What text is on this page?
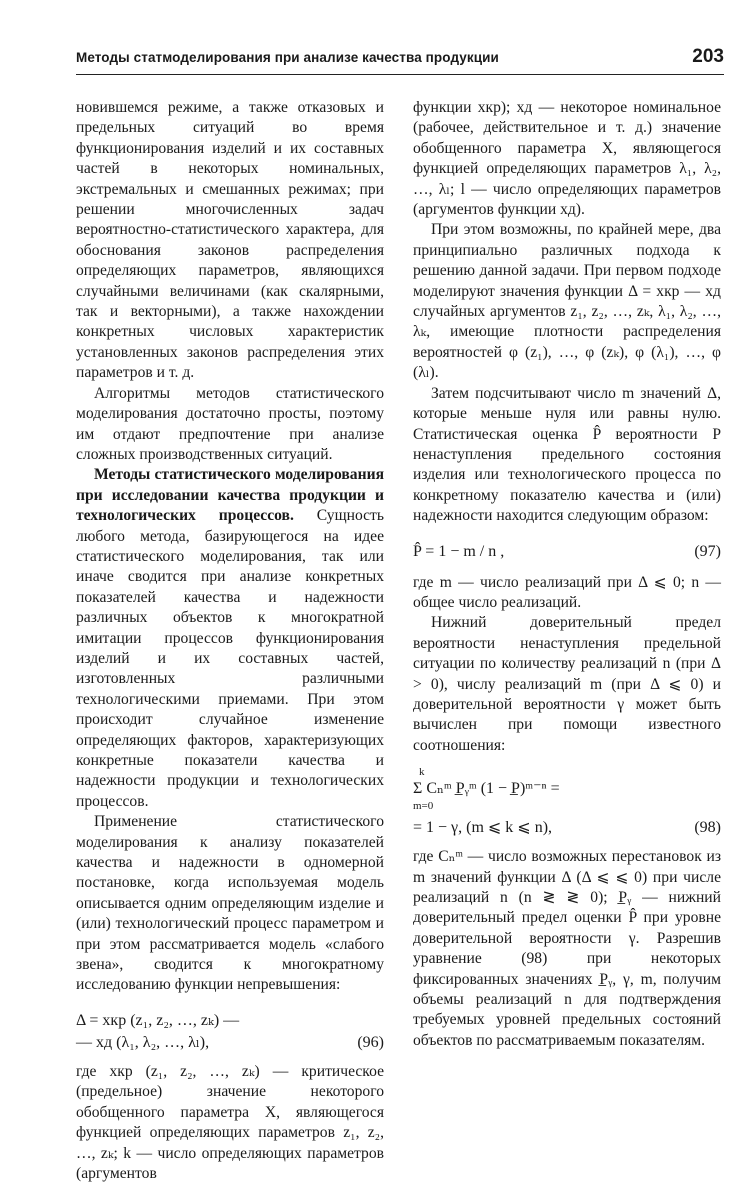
Методы статмоделирования при анализе качества продукции	203

новившемся режиме, а также отказовых и предельных ситуаций во время функционирования изделий и их составных частей в некоторых номинальных, экстремальных и смешанных режимах; при решении многочисленных задач вероятностно-статистического характера, для обоснования законов распределения определяющих параметров, являющихся случайными величинами (как скалярными, так и векторными), а также нахождении конкретных числовых характеристик установленных законов распределения этих параметров и т. д.

Алгоритмы методов статистического моделирования достаточно просты, поэтому им отдают предпочтение при анализе сложных производственных ситуаций.

Методы статистического моделирования при исследовании качества продукции и технологических процессов. Сущность любого метода, базирующегося на идее статистического моделирования, так или иначе сводится при анализе конкретных показателей качества и надежности различных объектов к многократной имитации процессов функционирования изделий и их составных частей, изготовленных различными технологическими приемами. При этом происходит случайное изменение определяющих факторов, характеризующих конкретные показатели качества и надежности продукции и технологических процессов.

Применение статистического моделирования к анализу показателей качества и надежности в одномерной постановке, когда используемая модель описывается одним определяющим изделие и (или) технологический процесс параметром и при этом рассматривается модель «слабого звена», сводится к многократному исследованию функции непревышения:

Δ = xкр (z₁, z₂, …, zₖ) —
— xд (λ₁, λ₂, …, λₗ),	(96)

где xкр (z₁, z₂, …, zₖ) — критическое (предельное) значение некоторого обобщенного параметра X, являющегося функцией определяющих параметров z₁, z₂, …, zₖ; k — число определяющих параметров (аргументов

функции xкр); xд — некоторое номинальное (рабочее, действительное и т. д.) значение обобщенного параметра X, являющегося функцией определяющих параметров λ₁, λ₂, …, λₗ; l — число определяющих параметров (аргументов функции xд).

При этом возможны, по крайней мере, два принципиально различных подхода к решению данной задачи. При первом подходе моделируют значения функции Δ = xкр — xд случайных аргументов z₁, z₂, …, zₖ, λ₁, λ₂, …, λₖ, имеющие плотности распределения вероятностей φ (z₁), …, φ (zₖ), φ (λ₁), …, φ (λₗ).

Затем подсчитывают число m значений Δ, которые меньше нуля или равны нулю. Статистическая оценка P̂ вероятности P ненаступления предельного состояния изделия или технологического процесса по конкретному показателю качества и (или) надежности находится следующим образом:

P̂ = 1 − m / n ,	(97)

где m — число реализаций при Δ ⩽ 0; n — общее число реализаций.

Нижний доверительный предел вероятности ненаступления предельной ситуации по количеству реализаций n (при Δ > 0), числу реализаций m (при Δ ⩽ 0) и доверительной вероятности γ может быть вычислен при помощи известного соотношения:

k
Σ Cₙᵐ P̲ᵧᵐ (1 − P̲)ᵐ⁻ⁿ =
m=0
= 1 − γ, (m ⩽ k ⩽ n),	(98)

где Cₙᵐ — число возможных перестановок из m значений функции Δ (Δ ⩽ ⩽ 0) при числе реализаций n (n ≷ ≷ 0); P̲ᵧ — нижний доверительный предел оценки P̂ при уровне доверительной вероятности γ. Разрешив уравнение (98) при некоторых фиксированных значениях P̲ᵧ, γ, m, получим объемы реализаций n для подтверждения требуемых уровней предельных состояний объектов по рассматриваемым показателям.
